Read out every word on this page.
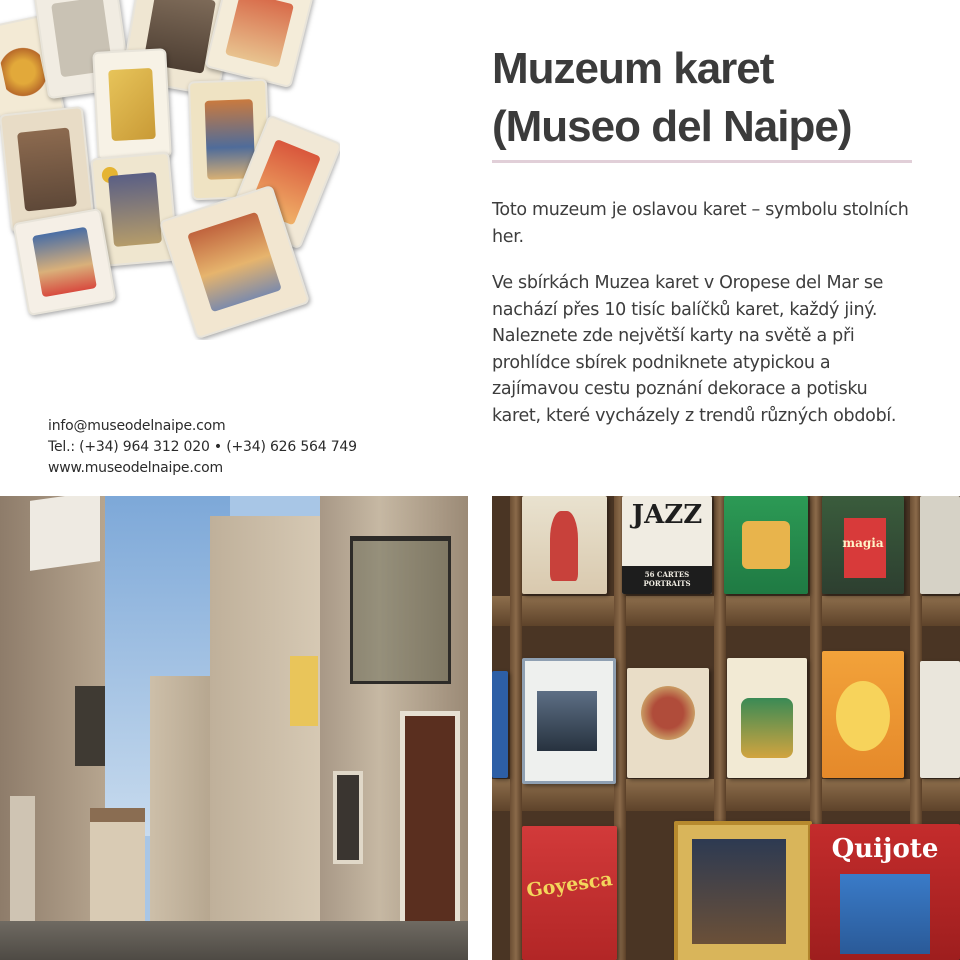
info@museodelnaipe.com
Tel.: (+34) 964 312 020 • (+34) 626 564 749
www.museodelnaipe.com
Muzeum karet
(Museo del Naipe)
Toto muzeum je oslavou karet – symbolu stolních her.
Ve sbírkách Muzea karet v Oropese del Mar se nachází přes 10 tisíc balíčků karet, každý jiný. Naleznete zde největší karty na světě a při prohlídce sbírek podniknete atypickou a zajímavou cestu poznání dekorace a potisku karet, které vycházely z trendů různých období.
JAZZ
56 CARTES PORTRAITS
magia
Goyesca
Quijote
